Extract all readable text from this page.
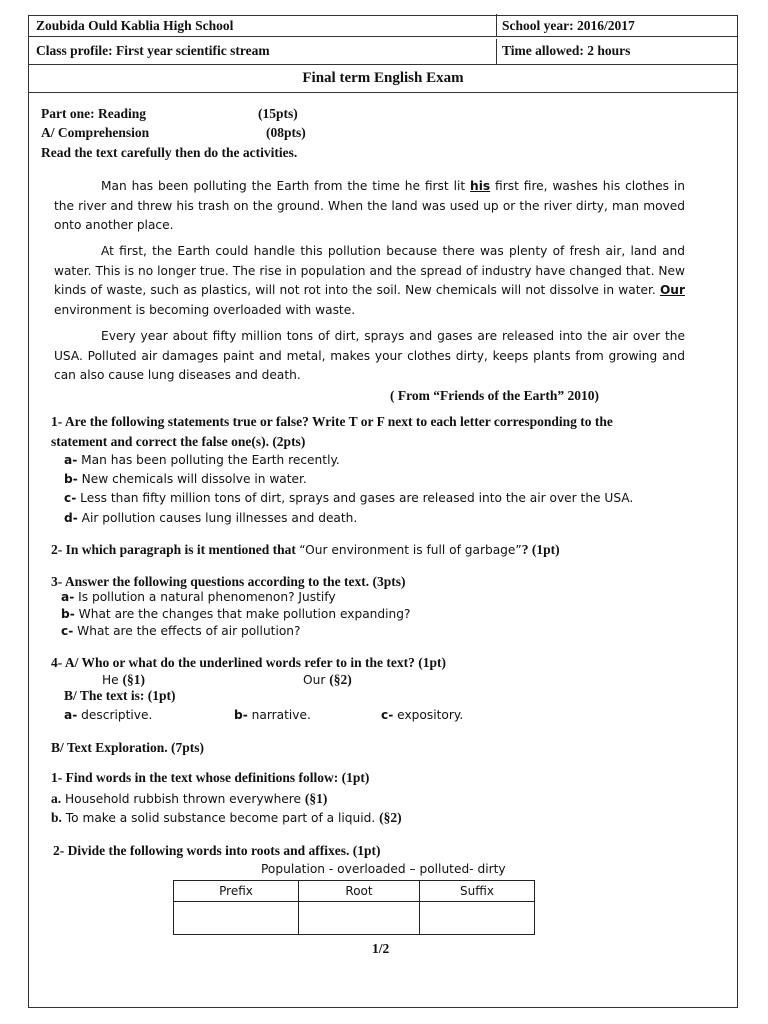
Zoubida Ould Kablia High School	School year: 2016/2017
Class profile: First year scientific stream	Time allowed: 2 hours
Final term English Exam
Part one: Reading	(15pts)
A/ Comprehension	(08pts)
Read the text carefully then do the activities.
Man has been polluting the Earth from the time he first lit his first fire, washes his clothes in the river and threw his trash on the ground. When the land was used up or the river dirty, man moved onto another place.
At first, the Earth could handle this pollution because there was plenty of fresh air, land and water. This is no longer true. The rise in population and the spread of industry have changed that. New kinds of waste, such as plastics, will not rot into the soil. New chemicals will not dissolve in water. Our environment is becoming overloaded with waste.
Every year about fifty million tons of dirt, sprays and gases are released into the air over the USA. Polluted air damages paint and metal, makes your clothes dirty, keeps plants from growing and can also cause lung diseases and death.
( From “Friends of the Earth” 2010)
1- Are the following statements true or false? Write T or F next to each letter corresponding to the
statement and correct the false one(s). (2pts)
a- Man has been polluting the Earth recently.
b- New chemicals will dissolve in water.
c- Less than fifty million tons of dirt, sprays and gases are released into the air over the USA.
d- Air pollution causes lung illnesses and death.
2- In which paragraph is it mentioned that “Our environment is full of garbage”? (1pt)
3- Answer the following questions according to the text. (3pts)
a- Is pollution a natural phenomenon? Justify
b- What are the changes that make pollution expanding?
c- What are the effects of air pollution?
4- A/ Who or what do the underlined words refer to in the text? (1pt)
He (§1)	Our (§2)
B/ The text is: (1pt)
a- descriptive.	b- narrative.	c- expository.
B/ Text Exploration. (7pts)
1- Find words in the text whose definitions follow: (1pt)
a. Household rubbish thrown everywhere (§1)
b. To make a solid substance become part of a liquid. (§2)
2- Divide the following words into roots and affixes. (1pt)
Population - overloaded – polluted- dirty
Prefix	Root	Suffix

1/2
